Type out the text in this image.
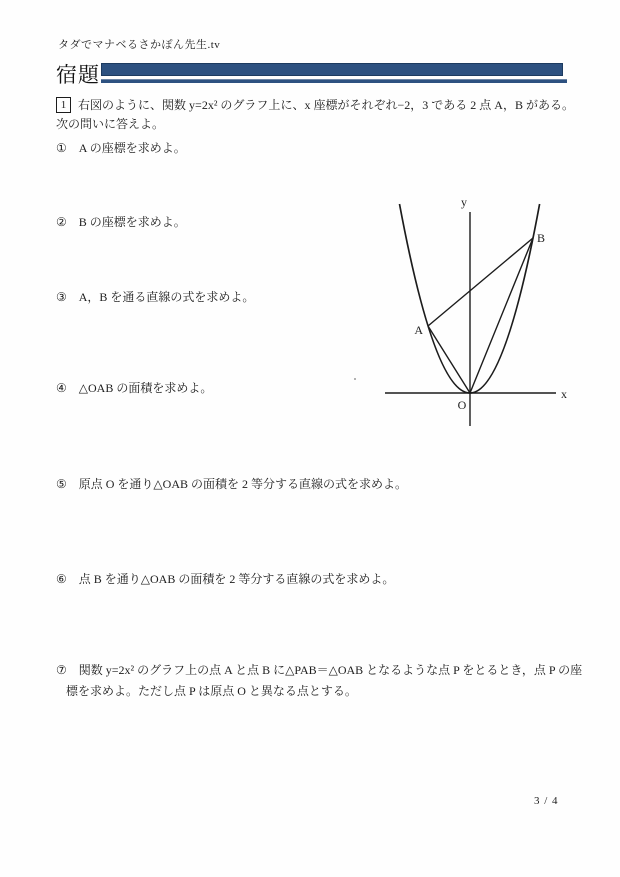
タダでマナベるさかぽん先生.tv
宿題
1 右図のように、関数 y=2x² のグラフ上に、x 座標がそれぞれ−2，3 である 2 点 A，B がある。次の問いに答えよ。

① A の座標を求めよ。
② B の座標を求めよ。
③ A，B を通る直線の式を求めよ。
④ △OAB の面積を求めよ。
⑤ 原点 O を通り△OAB の面積を 2 等分する直線の式を求めよ。
⑥ 点 B を通り△OAB の面積を 2 等分する直線の式を求めよ。
⑦ 関数 y=2x² のグラフ上の点 A と点 B に△PAB＝△OAB となるような点 P をとるとき，点 P の座標を求めよ。ただし点 P は原点 O と異なる点とする。
y
x
O
A
B
3 / 4
